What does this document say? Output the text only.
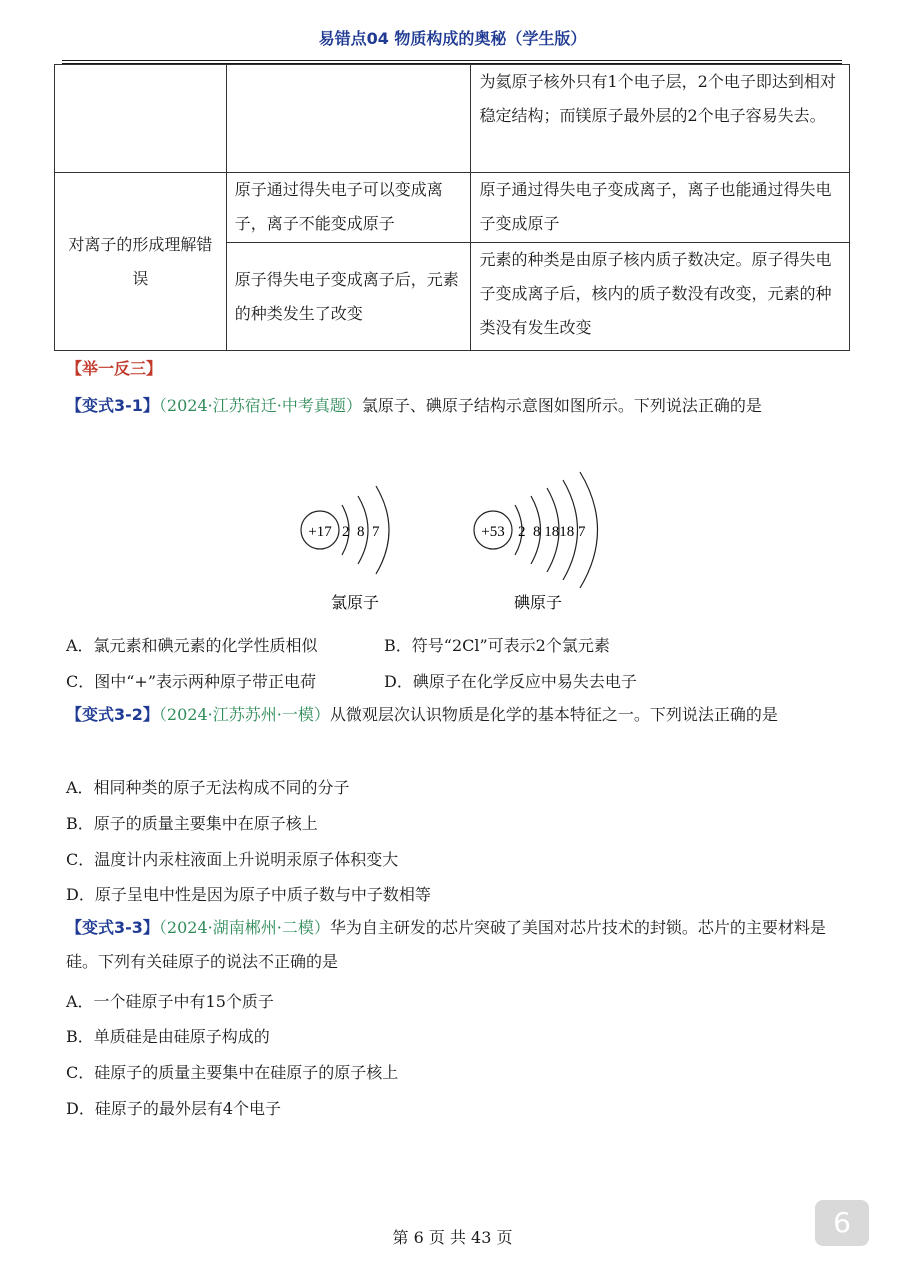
易错点04 物质构成的奥秘（学生版）
		为氦原子核外只有1个电子层，2个电子即达到相对稳定结构；而镁原子最外层的2个电子容易失去。
对离子的形成理解错误	原子通过得失电子可以变成离子，离子不能变成原子	原子通过得失电子变成离子，离子也能通过得失电子变成原子
	原子得失电子变成离子后，元素的种类发生了改变	元素的种类是由原子核内质子数决定。原子得失电子变成离子后，核内的质子数没有改变，元素的种类没有发生改变
【举一反三】
【变式3-1】（2024·江苏宿迁·中考真题）氯原子、碘原子结构示意图如图所示。下列说法正确的是
+17 2  8  7
氯原子
+53 2  8 1818 7
碘原子
A．氯元素和碘元素的化学性质相似	B．符号“2Cl”可表示2个氯元素
C．图中“+”表示两种原子带正电荷	D．碘原子在化学反应中易失去电子
【变式3-2】（2024·江苏苏州·一模）从微观层次认识物质是化学的基本特征之一。下列说法正确的是
A．相同种类的原子无法构成不同的分子
B．原子的质量主要集中在原子核上
C．温度计内汞柱液面上升说明汞原子体积变大
D．原子呈电中性是因为原子中质子数与中子数相等
【变式3-3】（2024·湖南郴州·二模）华为自主研发的芯片突破了美国对芯片技术的封锁。芯片的主要材料是硅。下列有关硅原子的说法不正确的是
A．一个硅原子中有15个质子
B．单质硅是由硅原子构成的
C．硅原子的质量主要集中在硅原子的原子核上
D．硅原子的最外层有4个电子
第 6 页 共 43 页	6
